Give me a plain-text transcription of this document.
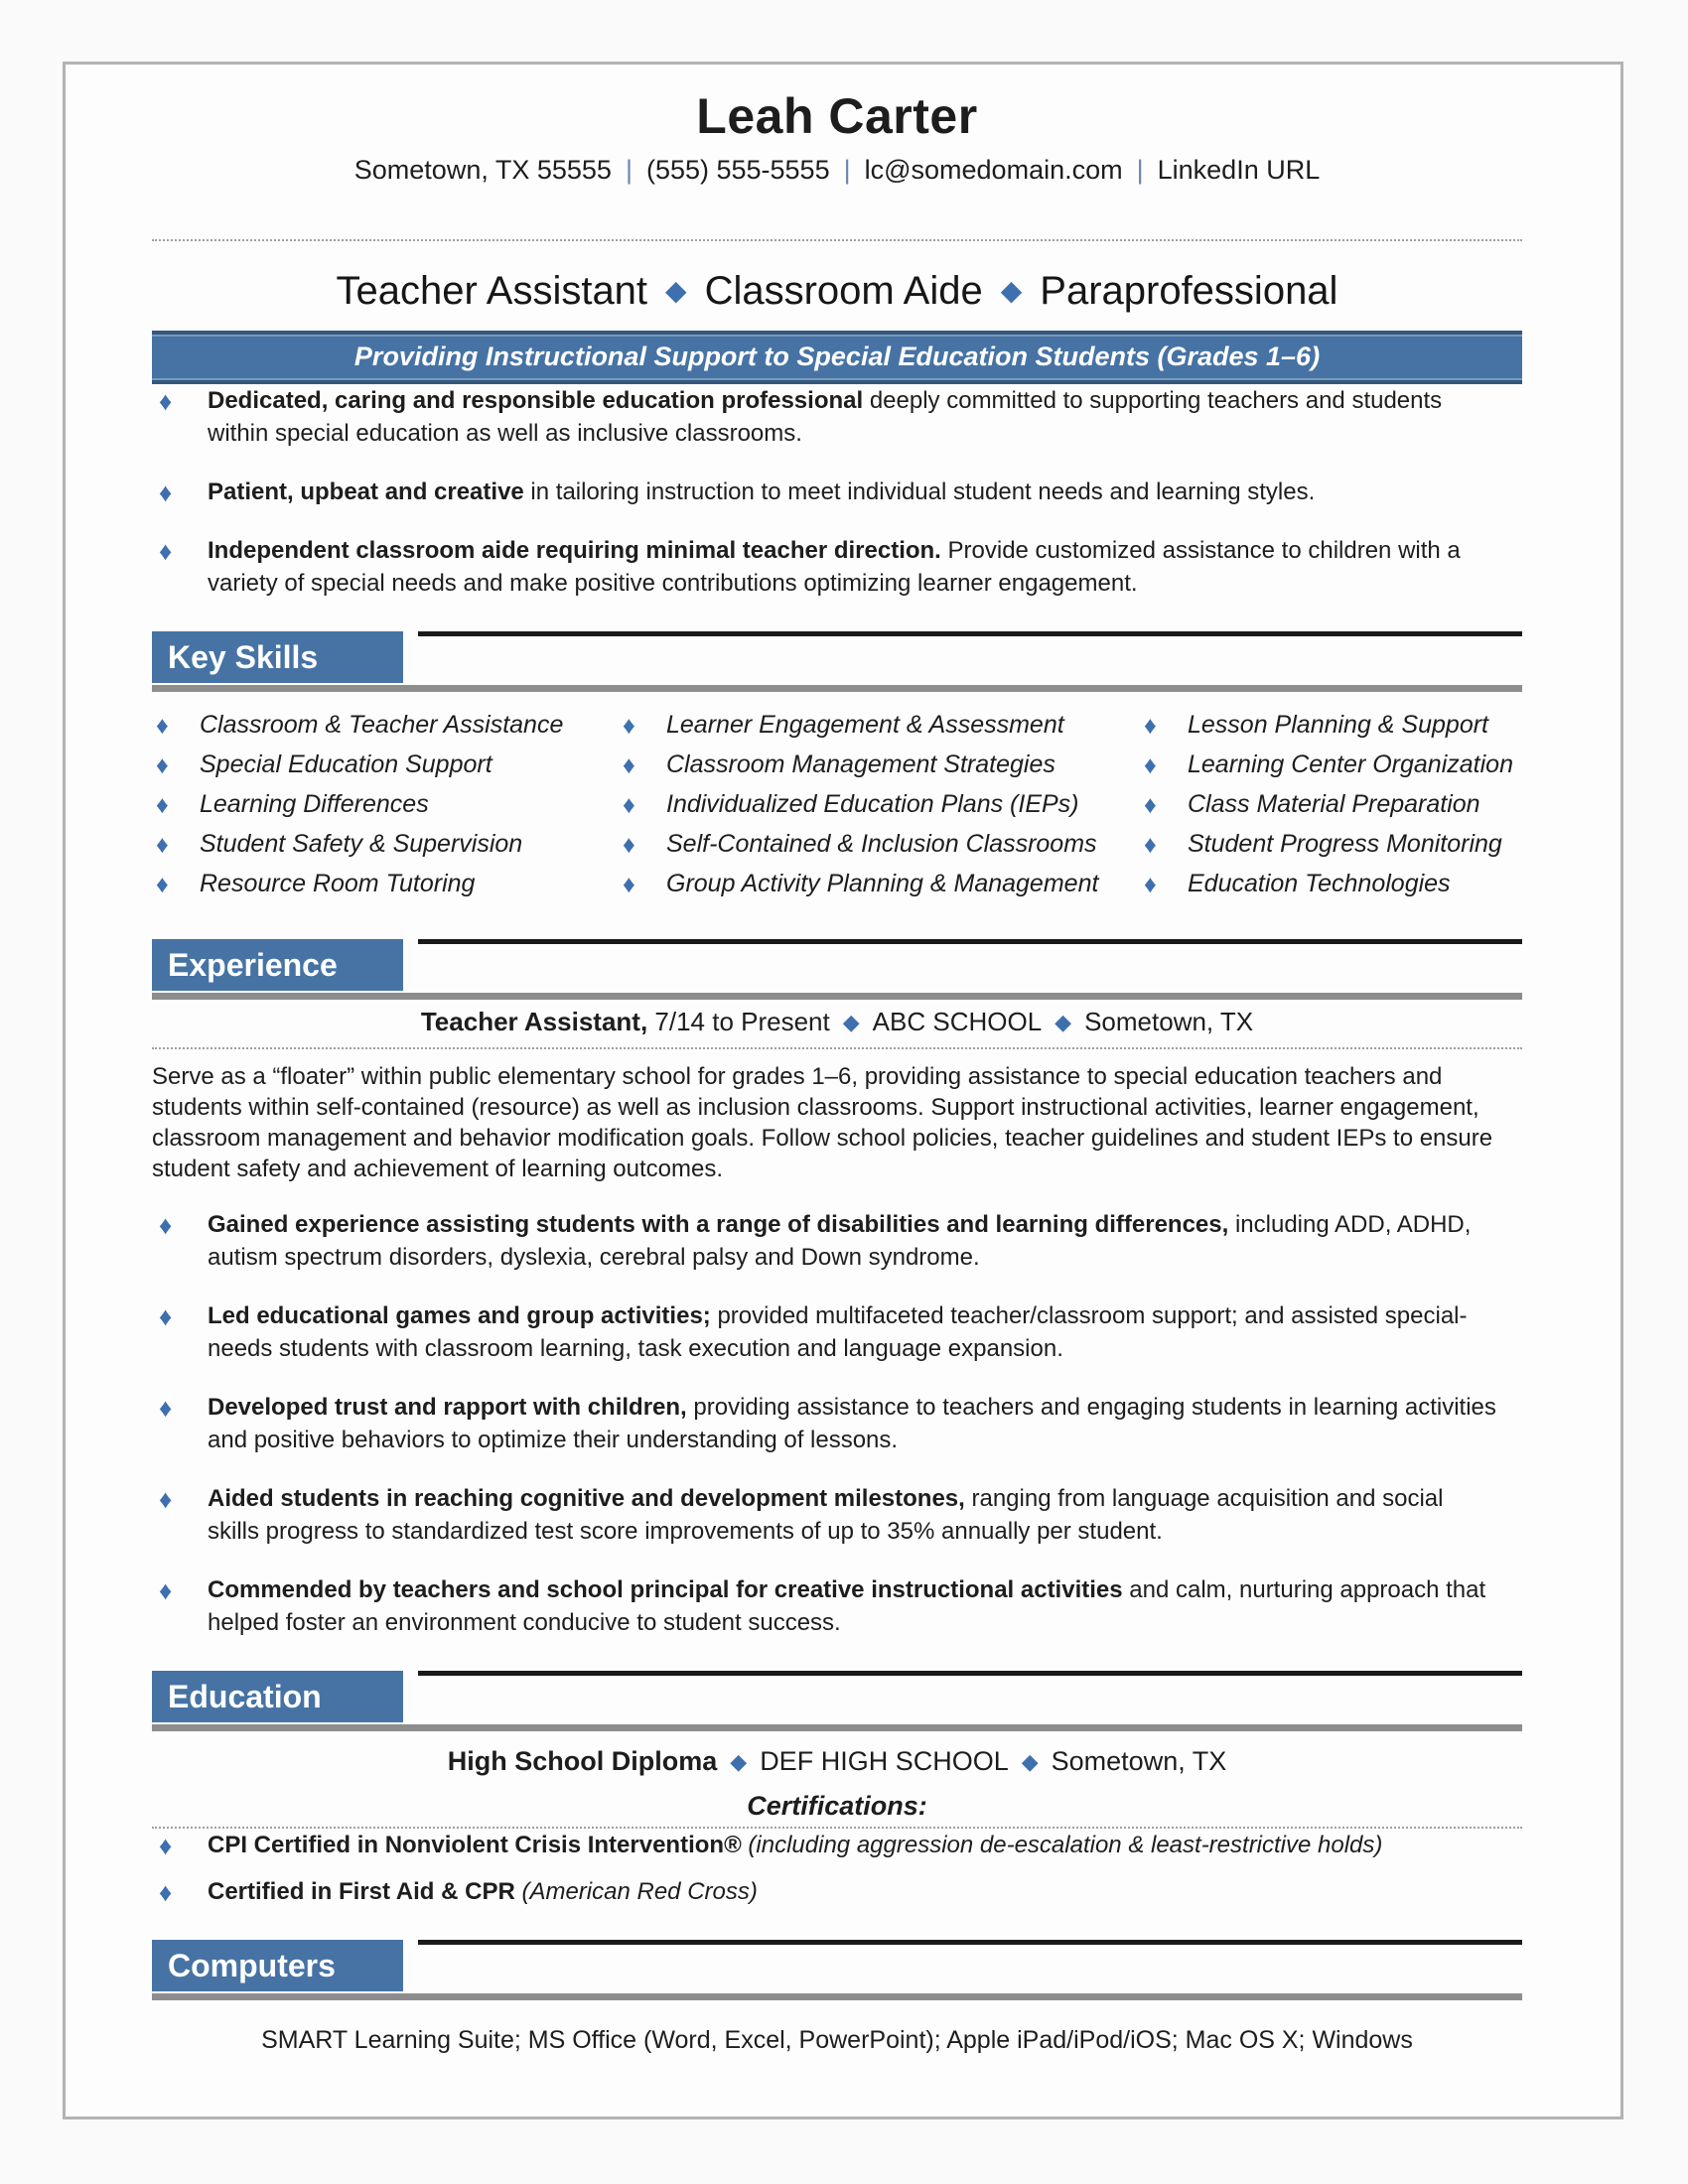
Leah Carter
Sometown, TX 55555 | (555) 555-5555 | lc@somedomain.com | LinkedIn URL
Teacher Assistant ◆ Classroom Aide ◆ Paraprofessional
Providing Instructional Support to Special Education Students (Grades 1–6)
♦ Dedicated, caring and responsible education professional deeply committed to supporting teachers and students within special education as well as inclusive classrooms.
♦ Patient, upbeat and creative in tailoring instruction to meet individual student needs and learning styles.
♦ Independent classroom aide requiring minimal teacher direction. Provide customized assistance to children with a variety of special needs and make positive contributions optimizing learner engagement.
Key Skills
♦ Classroom & Teacher Assistance
♦ Special Education Support
♦ Learning Differences
♦ Student Safety & Supervision
♦ Resource Room Tutoring
♦ Learner Engagement & Assessment
♦ Classroom Management Strategies
♦ Individualized Education Plans (IEPs)
♦ Self-Contained & Inclusion Classrooms
♦ Group Activity Planning & Management
♦ Lesson Planning & Support
♦ Learning Center Organization
♦ Class Material Preparation
♦ Student Progress Monitoring
♦ Education Technologies
Experience
Teacher Assistant, 7/14 to Present ◆ ABC SCHOOL ◆ Sometown, TX

Serve as a “floater” within public elementary school for grades 1–6, providing assistance to special education teachers and students within self-contained (resource) as well as inclusion classrooms. Support instructional activities, learner engagement, classroom management and behavior modification goals. Follow school policies, teacher guidelines and student IEPs to ensure student safety and achievement of learning outcomes.

♦ Gained experience assisting students with a range of disabilities and learning differences, including ADD, ADHD, autism spectrum disorders, dyslexia, cerebral palsy and Down syndrome.
♦ Led educational games and group activities; provided multifaceted teacher/classroom support; and assisted special-needs students with classroom learning, task execution and language expansion.
♦ Developed trust and rapport with children, providing assistance to teachers and engaging students in learning activities and positive behaviors to optimize their understanding of lessons.
♦ Aided students in reaching cognitive and development milestones, ranging from language acquisition and social skills progress to standardized test score improvements of up to 35% annually per student.
♦ Commended by teachers and school principal for creative instructional activities and calm, nurturing approach that helped foster an environment conducive to student success.
Education
High School Diploma ◆ DEF HIGH SCHOOL ◆ Sometown, TX
Certifications:
♦ CPI Certified in Nonviolent Crisis Intervention® (including aggression de-escalation & least-restrictive holds)
♦ Certified in First Aid & CPR (American Red Cross)
Computers
SMART Learning Suite; MS Office (Word, Excel, PowerPoint); Apple iPad/iPod/iOS; Mac OS X; Windows
